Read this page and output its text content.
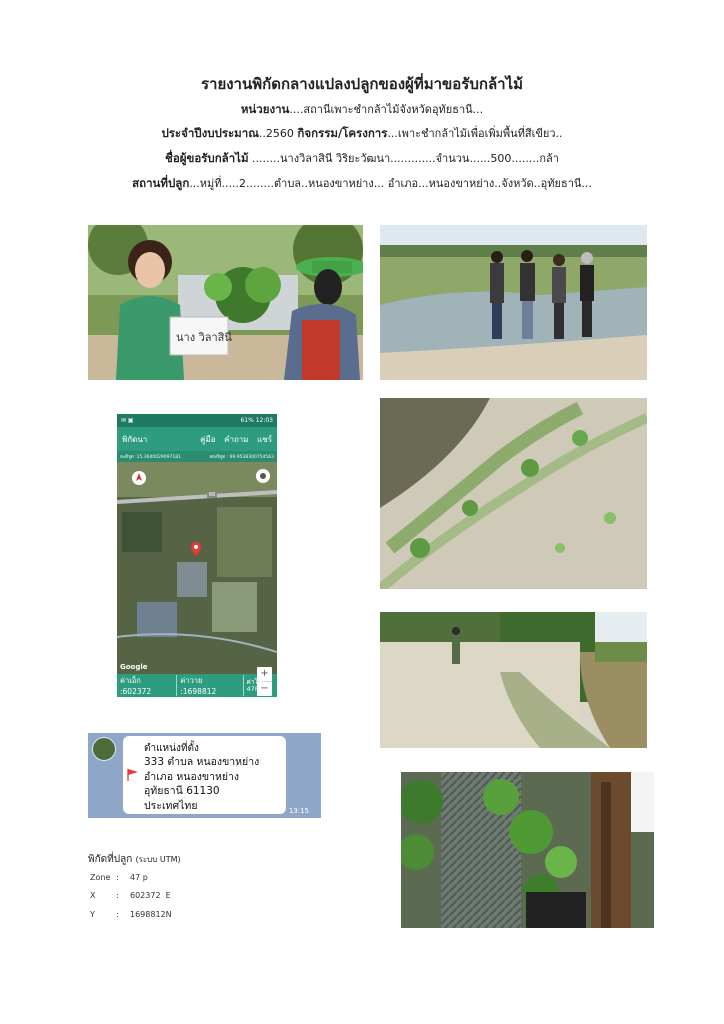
รายงานพิกัดกลางแปลงปลูกของผู้ที่มาขอรับกล้าไม้
หน่วยงาน....สถานีเพาะชำกล้าไม้จังหวัดอุทัยธานี...
ประจำปีงบประมาณ..2560 กิจกรรม/โครงการ...เพาะชำกล้าไม้เพื่อเพิ่มพื้นที่สีเขียว..
ชื่อผู้ขอรับกล้าไม้ ........นางวิลาสินี วิริยะวัฒนา.............จำนวน......500........กล้า
สถานที่ปลูก...หมู่ที่.....2........ตำบล..หนองขาหย่าง... อำเภอ...หนองขาหย่าง..จังหวัด..อุทัยธานี...
นาง วิลาสินี
✉ ▣	61% 12:03
พิกัดนา	คู่มือ คำถาม แชร์
ละติจูด :15.3640029097181	ลองจิจูด : 99.9538300754563
66
+
−
Google
ค่าเอ็ก :602372
ค่าวาย :1698812
ค่าโซน : 47P
ตำแหน่งที่ตั้ง
333 ตำบล หนองขาหย่าง
อำเภอ หนองขาหย่าง
อุทัยธานี 61130
ประเทศไทย	13:15
พิกัดที่ปลูก (ระบบ UTM)
Zone : 47 p
X	: 602372  E
Y	: 1698812N
